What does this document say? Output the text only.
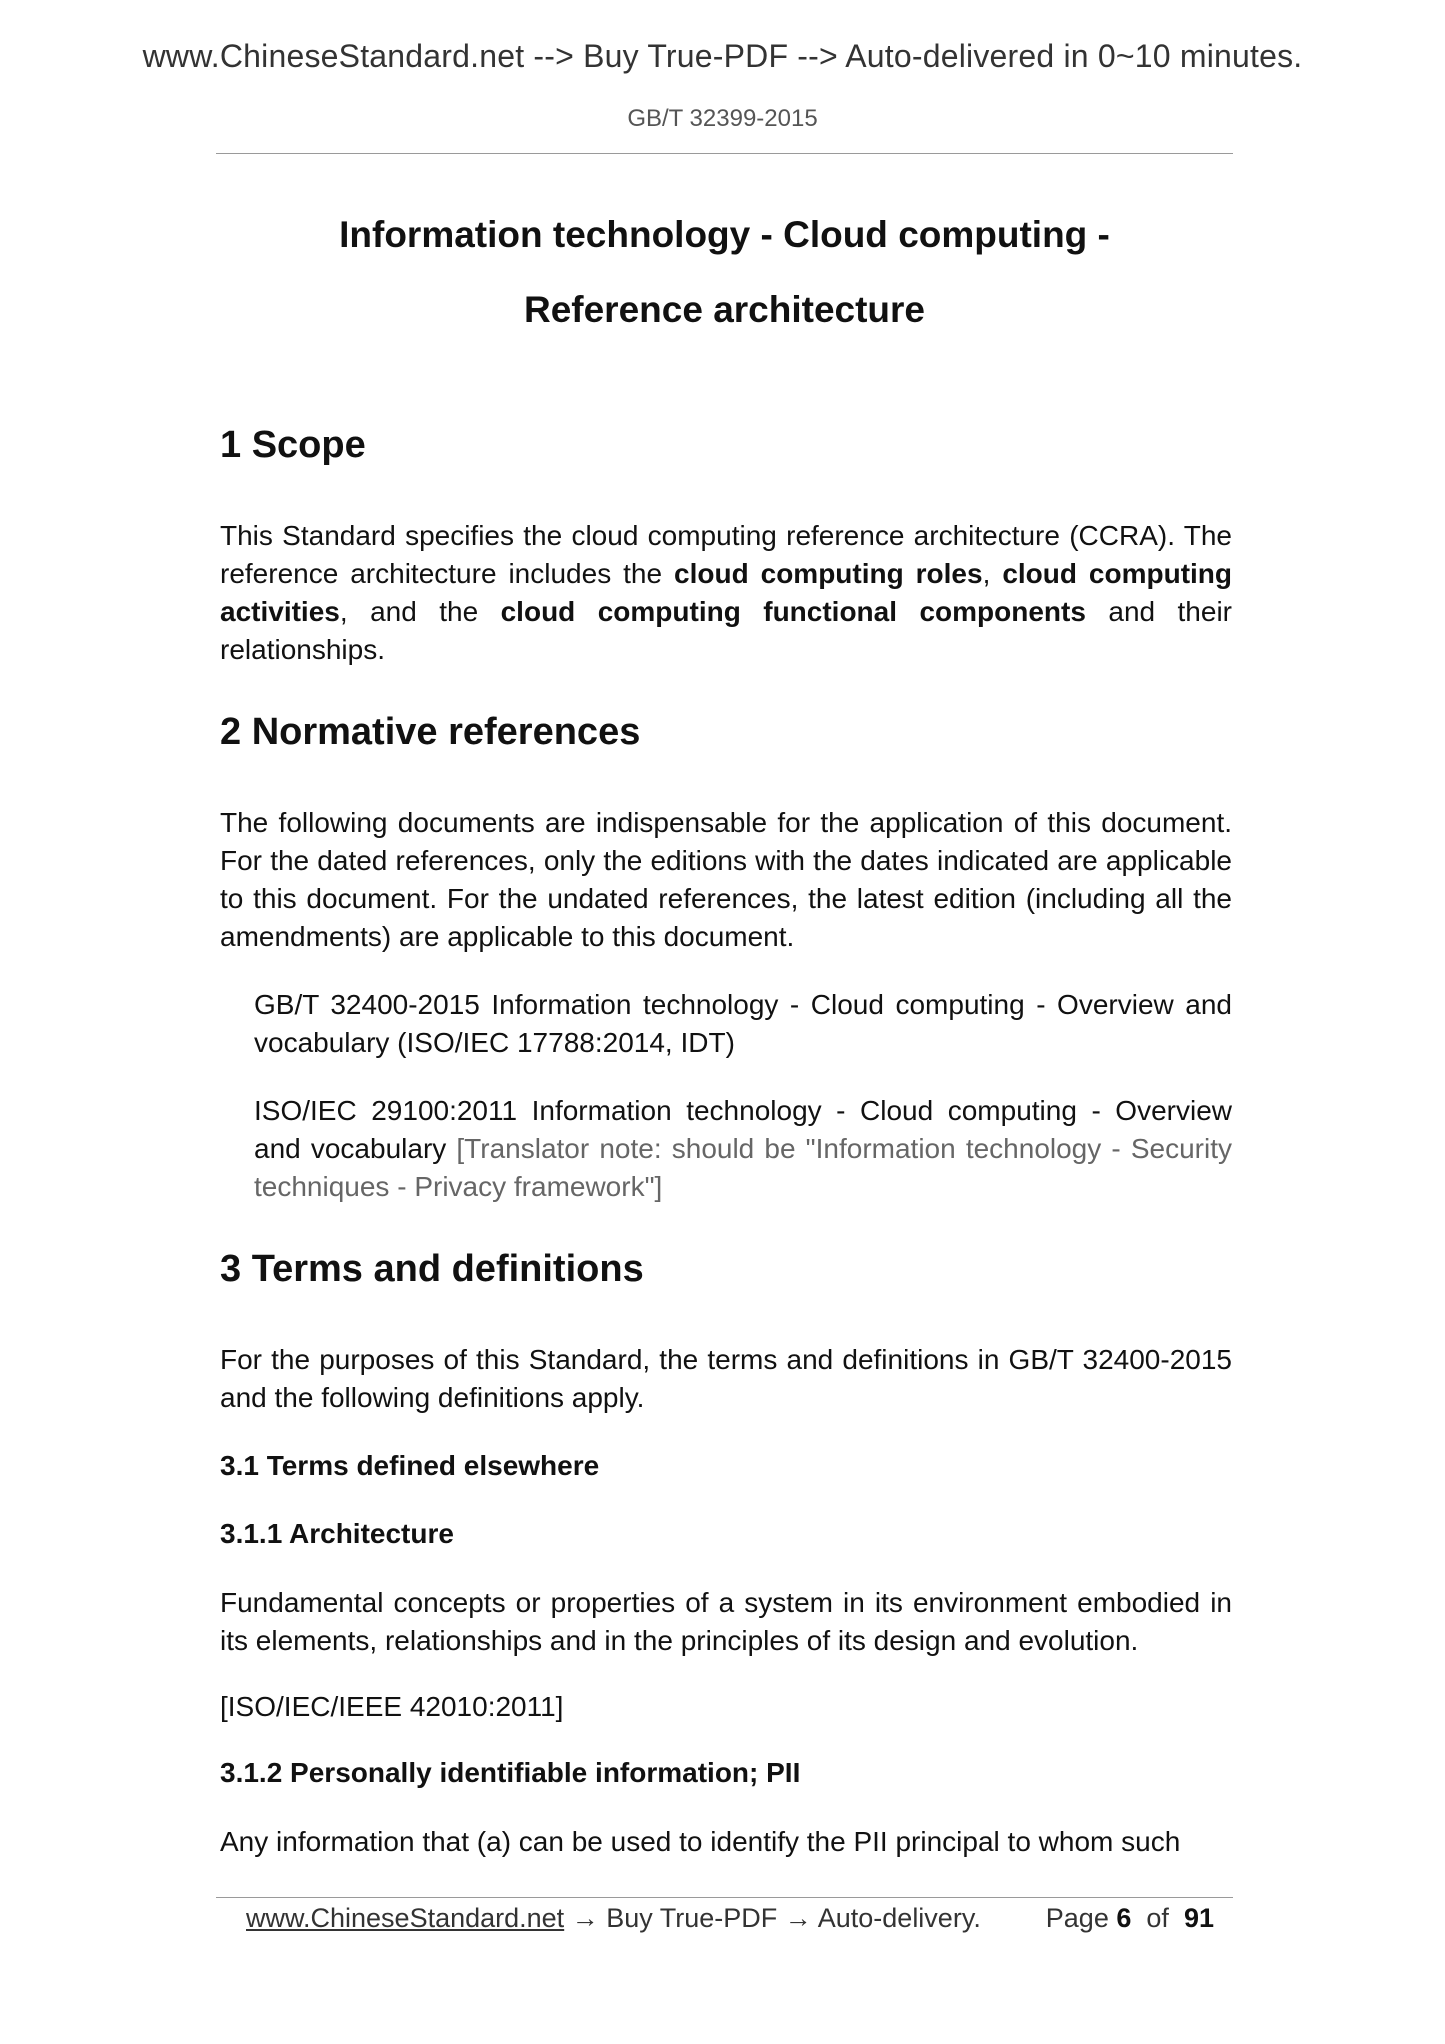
www.ChineseStandard.net --> Buy True-PDF --> Auto-delivered in 0~10 minutes.
GB/T 32399-2015
Information technology - Cloud computing -
Reference architecture
1 Scope

This Standard specifies the cloud computing reference architecture (CCRA). The reference architecture includes the cloud computing roles, cloud computing activities, and the cloud computing functional components and their relationships.

2 Normative references

The following documents are indispensable for the application of this document. For the dated references, only the editions with the dates indicated are applicable to this document. For the undated references, the latest edition (including all the amendments) are applicable to this document.

GB/T 32400-2015 Information technology - Cloud computing - Overview and vocabulary (ISO/IEC 17788:2014, IDT)

ISO/IEC 29100:2011 Information technology - Cloud computing - Overview and vocabulary [Translator note: should be "Information technology - Security techniques - Privacy framework"]

3 Terms and definitions

For the purposes of this Standard, the terms and definitions in GB/T 32400-2015 and the following definitions apply.

3.1 Terms defined elsewhere
3.1.1 Architecture

Fundamental concepts or properties of a system in its environment embodied in its elements, relationships and in the principles of its design and evolution.

[ISO/IEC/IEEE 42010:2011]

3.1.2 Personally identifiable information; PII

Any information that (a) can be used to identify the PII principal to whom such

www.ChineseStandard.net → Buy True-PDF → Auto-delivery. Page 6 of 91
